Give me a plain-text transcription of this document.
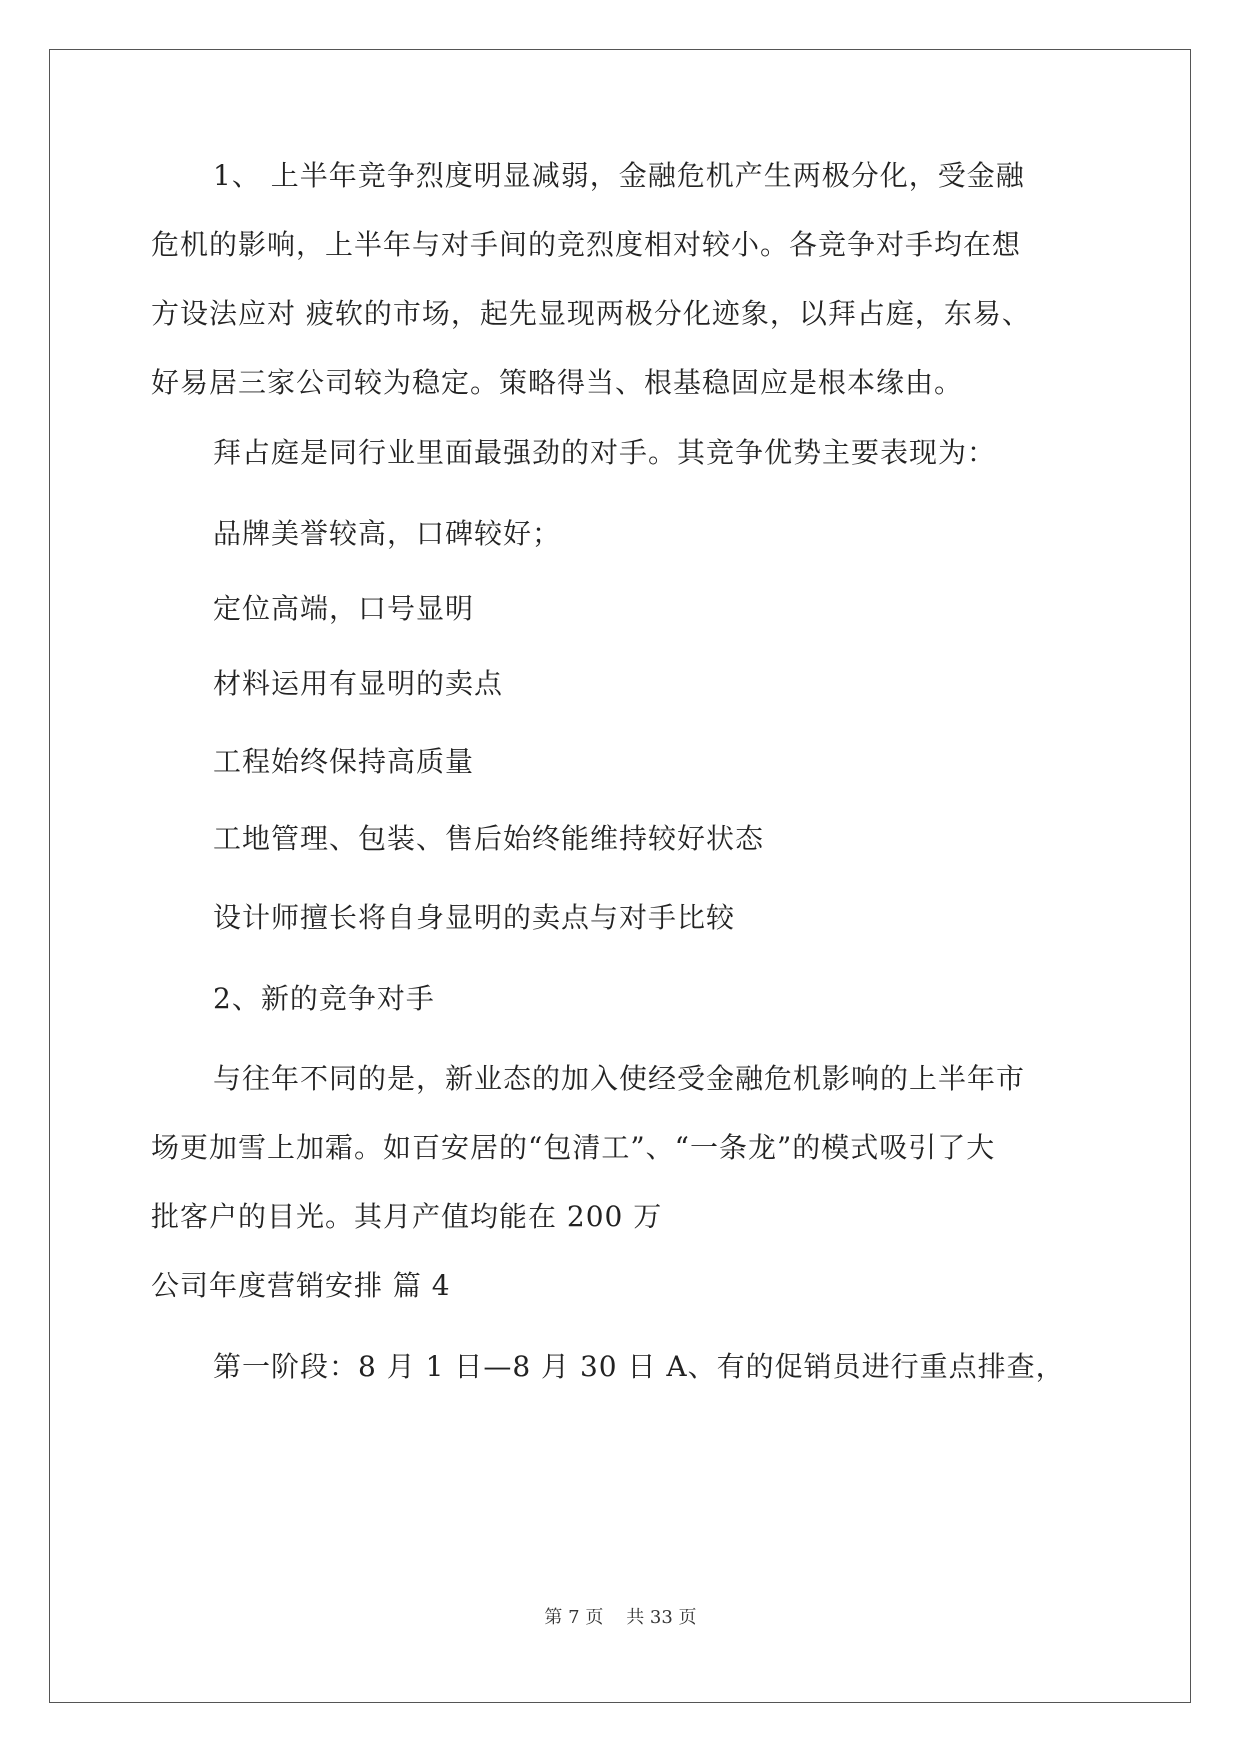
1、 上半年竞争烈度明显减弱，金融危机产生两极分化，受金融
危机的影响，上半年与对手间的竞烈度相对较小。各竞争对手均在想
方设法应对 疲软的市场，起先显现两极分化迹象，以拜占庭，东易、
好易居三家公司较为稳定。策略得当、根基稳固应是根本缘由。
拜占庭是同行业里面最强劲的对手。其竞争优势主要表现为：
品牌美誉较高，口碑较好；
定位高端，口号显明
材料运用有显明的卖点
工程始终保持高质量
工地管理、包装、售后始终能维持较好状态
设计师擅长将自身显明的卖点与对手比较
2、新的竞争对手
与往年不同的是，新业态的加入使经受金融危机影响的上半年市
场更加雪上加霜。如百安居的“包清工”、“一条龙”的模式吸引了大
批客户的目光。其月产值均能在 200 万
公司年度营销安排 篇 4
第一阶段：8 月 1 日—8 月 30 日 A、有的促销员进行重点排查，
第 7 页    共 33 页
